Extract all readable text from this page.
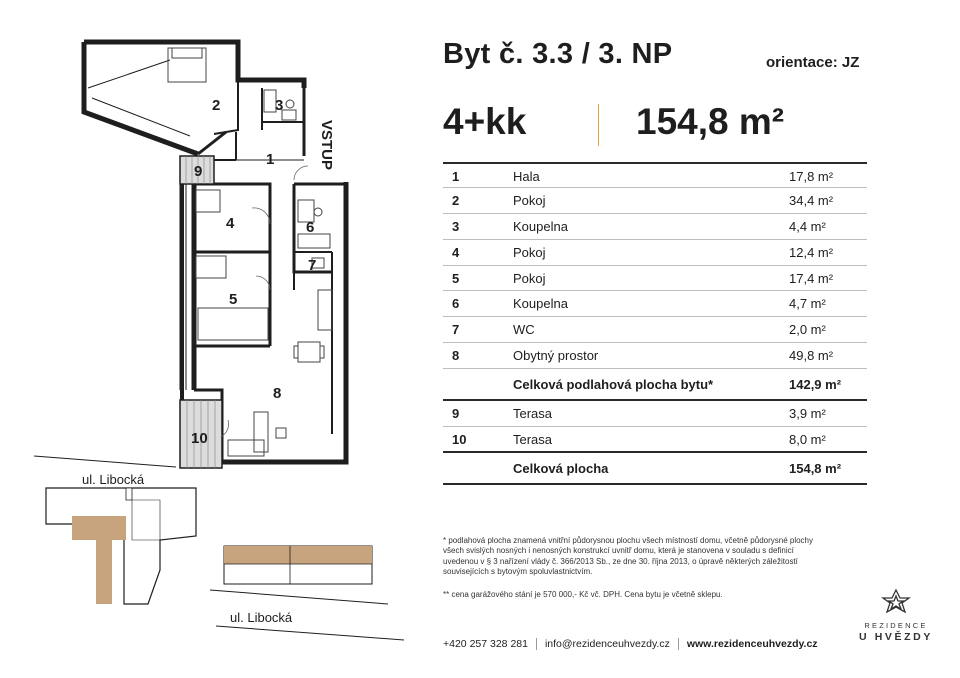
2	3
1
9
4	6
7
5
8
10
VSTUP
ul. Libocká
ul. Libocká
Byt č. 3.3 / 3. NP	orientace: JZ
4+kk	154,8 m²
1	Hala	17,8 m²
2	Pokoj	34,4 m²
3	Koupelna	4,4 m²
4	Pokoj	12,4 m²
5	Pokoj	17,4 m²
6	Koupelna	4,7 m²
7	WC	2,0 m²
8	Obytný prostor	49,8 m²
Celková podlahová plocha bytu*	142,9 m²
9	Terasa	3,9 m²
10	Terasa	8,0 m²
Celková plocha	154,8 m²
* podlahová plocha znamená vnitřní půdorysnou plochu všech místností domu, včetně půdorysné plochy všech svislých nosných i nenosných konstrukcí uvnitř domu, která je stanovena v souladu s definicí uvedenou v § 3 nařízení vlády č. 366/2013 Sb., ze dne 30. října 2013, o úpravě některých záležitostí souvisejících s bytovým spoluvlastnictvím.
** cena garážového stání je 570 000,- Kč vč. DPH. Cena bytu je včetně sklepu.
+420 257 328 281 info@rezidenceuhvezdy.cz www.rezidenceuhvezdy.cz
REZIDENCE
U HVĚZDY
